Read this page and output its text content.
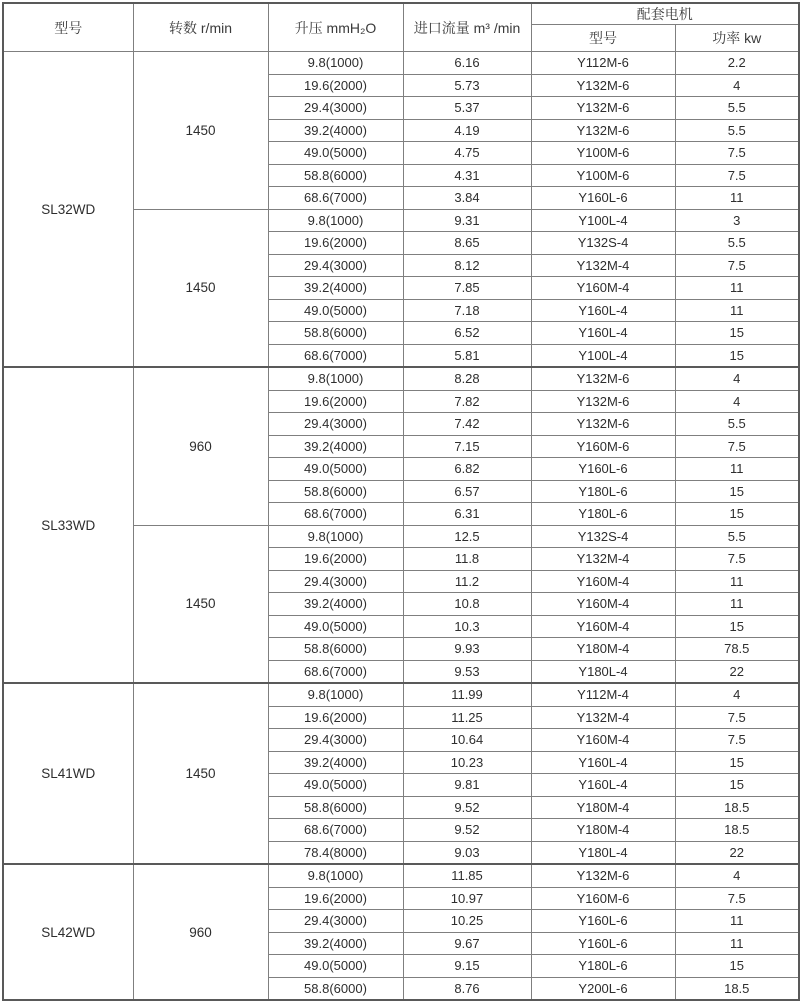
型号	转数 r/min	升压 mmH₂O	进口流量 m³ /min	配套电机	
				型号	功率 kw
SL32WD	1450	9.8(1000)	6.16	Y112M-6	2.2
		19.6(2000)	5.73	Y132M-6	4
		29.4(3000)	5.37	Y132M-6	5.5
		39.2(4000)	4.19	Y132M-6	5.5
		49.0(5000)	4.75	Y100M-6	7.5
		58.8(6000)	4.31	Y100M-6	7.5
		68.6(7000)	3.84	Y160L-6	11
	1450	9.8(1000)	9.31	Y100L-4	3
		19.6(2000)	8.65	Y132S-4	5.5
		29.4(3000)	8.12	Y132M-4	7.5
		39.2(4000)	7.85	Y160M-4	11
		49.0(5000)	7.18	Y160L-4	11
		58.8(6000)	6.52	Y160L-4	15
		68.6(7000)	5.81	Y100L-4	15
SL33WD	960	9.8(1000)	8.28	Y132M-6	4
		19.6(2000)	7.82	Y132M-6	4
		29.4(3000)	7.42	Y132M-6	5.5
		39.2(4000)	7.15	Y160M-6	7.5
		49.0(5000)	6.82	Y160L-6	11
		58.8(6000)	6.57	Y180L-6	15
		68.6(7000)	6.31	Y180L-6	15
	1450	9.8(1000)	12.5	Y132S-4	5.5
		19.6(2000)	11.8	Y132M-4	7.5
		29.4(3000)	11.2	Y160M-4	11
		39.2(4000)	10.8	Y160M-4	11
		49.0(5000)	10.3	Y160M-4	15
		58.8(6000)	9.93	Y180M-4	78.5
		68.6(7000)	9.53	Y180L-4	22
SL41WD	1450	9.8(1000)	11.99	Y112M-4	4
		19.6(2000)	11.25	Y132M-4	7.5
		29.4(3000)	10.64	Y160M-4	7.5
		39.2(4000)	10.23	Y160L-4	15
		49.0(5000)	9.81	Y160L-4	15
		58.8(6000)	9.52	Y180M-4	18.5
		68.6(7000)	9.52	Y180M-4	18.5
		78.4(8000)	9.03	Y180L-4	22
SL42WD	960	9.8(1000)	11.85	Y132M-6	4
		19.6(2000)	10.97	Y160M-6	7.5
		29.4(3000)	10.25	Y160L-6	11
		39.2(4000)	9.67	Y160L-6	11
		49.0(5000)	9.15	Y180L-6	15
		58.8(6000)	8.76	Y200L-6	18.5
